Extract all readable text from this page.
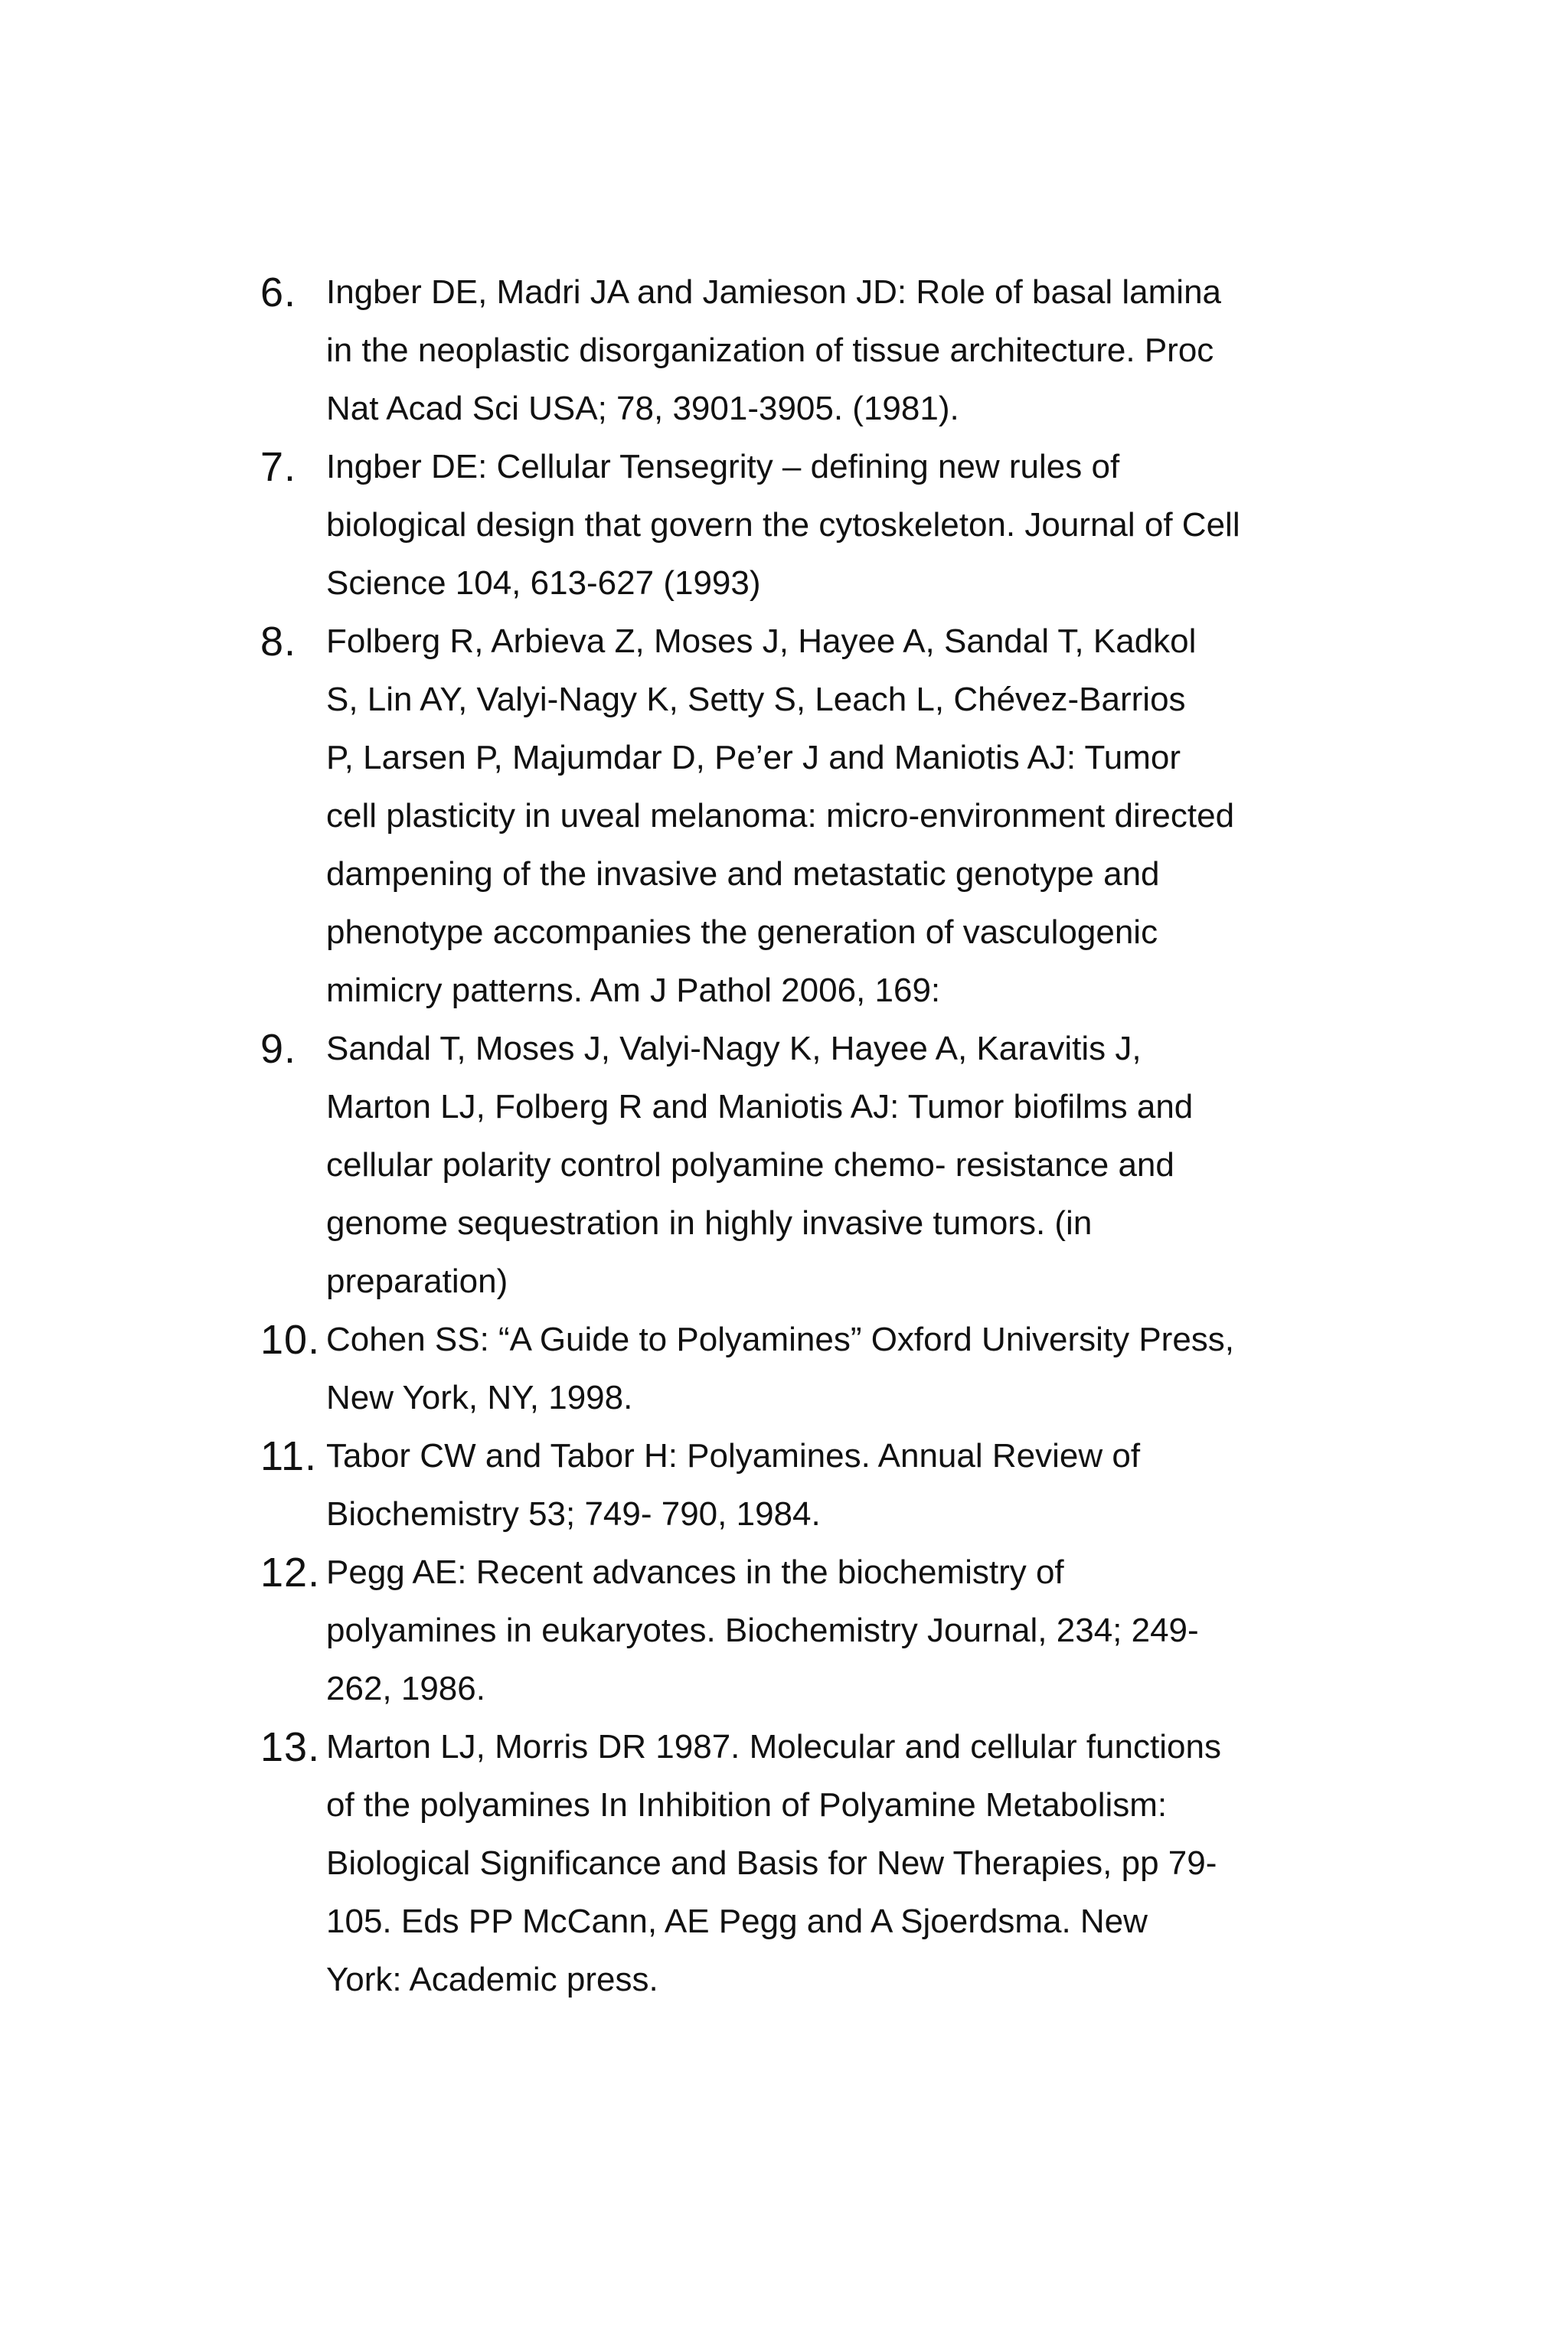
6. Ingber DE, Madri JA and Jamieson JD: Role of basal lamina
in the neoplastic disorganization of tissue architecture. Proc
Nat Acad Sci USA; 78, 3901-3905. (1981).
7. Ingber DE: Cellular Tensegrity – defining new rules of
biological design that govern the cytoskeleton. Journal of Cell
Science 104, 613-627 (1993)
8. Folberg R, Arbieva Z, Moses J, Hayee A, Sandal T, Kadkol
S, Lin AY, Valyi-Nagy K, Setty S, Leach L, Chévez-Barrios
P, Larsen P, Majumdar D, Pe’er J and Maniotis AJ: Tumor
cell plasticity in uveal melanoma: micro-environment directed
dampening of the invasive and metastatic genotype and
phenotype accompanies the generation of vasculogenic
mimicry patterns. Am J Pathol 2006, 169:
9. Sandal T, Moses J, Valyi-Nagy K, Hayee A, Karavitis J,
Marton LJ, Folberg R and Maniotis AJ: Tumor biofilms and
cellular polarity control polyamine chemo- resistance and
genome sequestration in highly invasive tumors. (in
preparation)
10. Cohen SS: “A Guide to Polyamines” Oxford University Press,
New York, NY, 1998.
11. Tabor CW and Tabor H: Polyamines. Annual Review of
Biochemistry 53; 749- 790, 1984.
12. Pegg AE: Recent advances in the biochemistry of
polyamines in eukaryotes. Biochemistry Journal, 234; 249-
262, 1986.
13. Marton LJ, Morris DR 1987. Molecular and cellular functions
of the polyamines In Inhibition of Polyamine Metabolism:
Biological Significance and Basis for New Therapies, pp 79-
105. Eds PP McCann, AE Pegg and A Sjoerdsma. New
York: Academic press.
